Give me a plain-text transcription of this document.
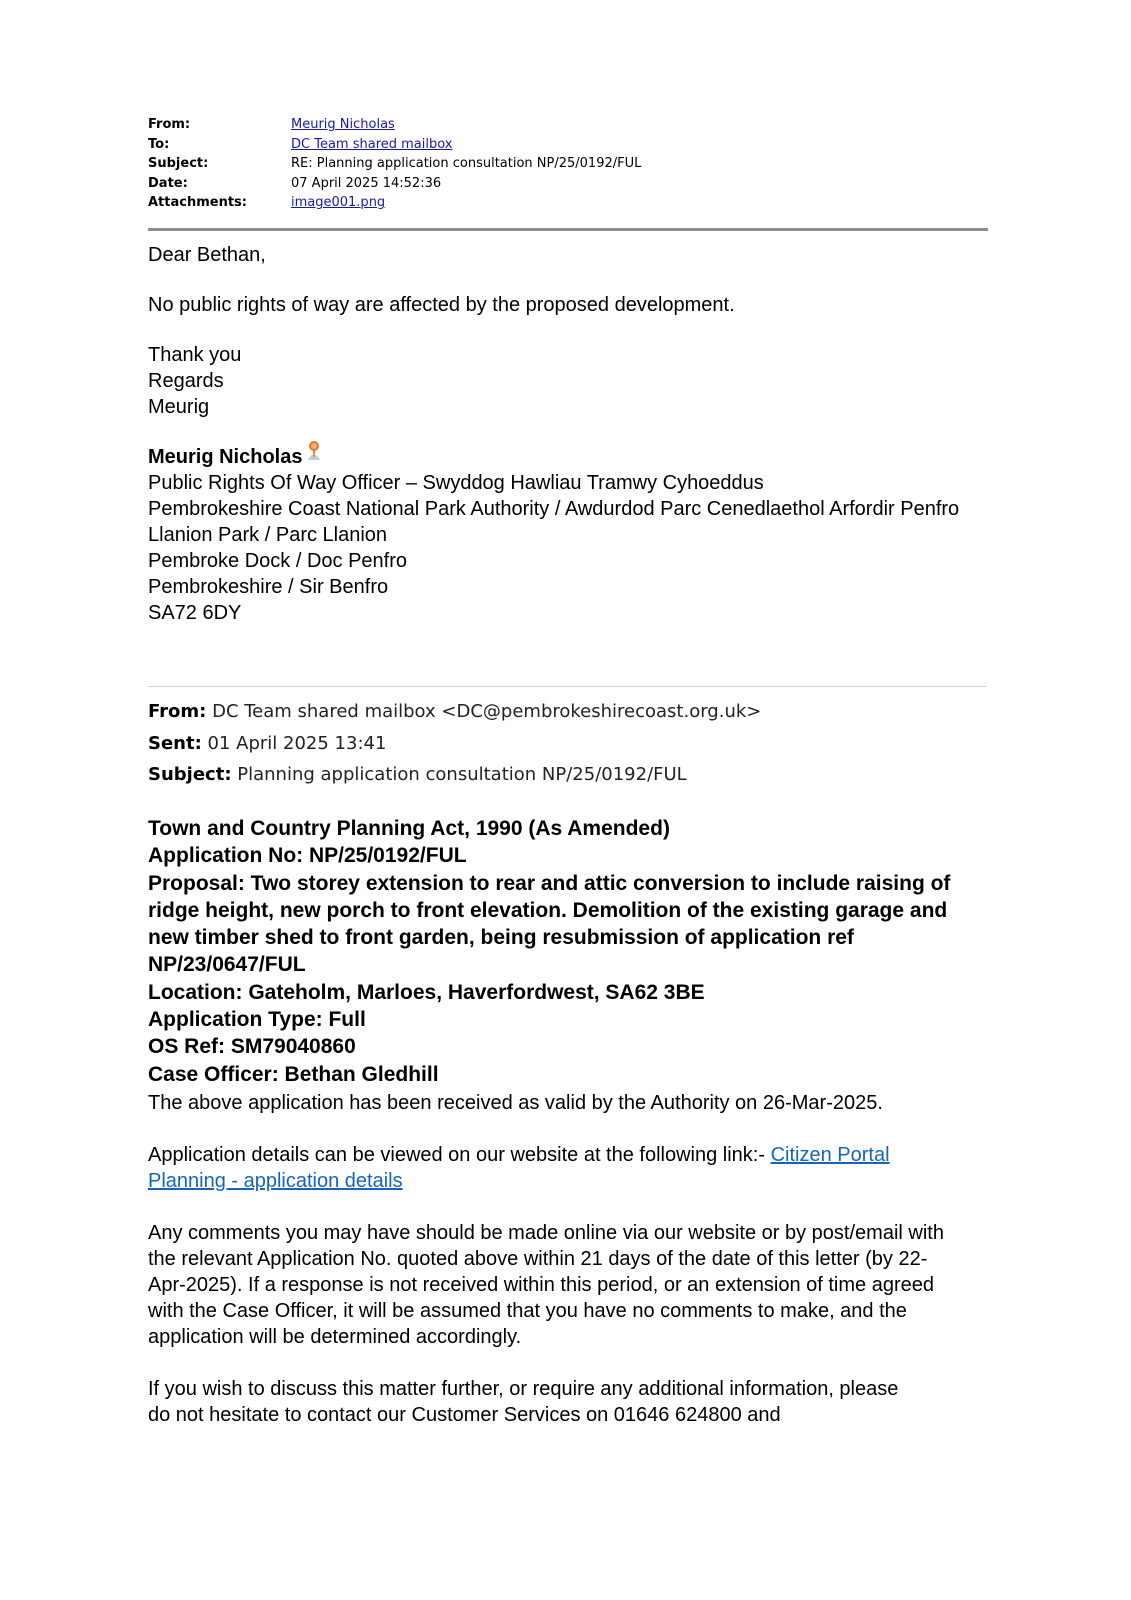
From:	Meurig Nicholas
To:	DC Team shared mailbox
Subject:	RE: Planning application consultation NP/25/0192/FUL
Date:	07 April 2025 14:52:36
Attachments:	image001.png

Dear Bethan,

No public rights of way are affected by the proposed development.

Thank you

Regards

Meurig

Meurig Nicholas

Public Rights Of Way Officer – Swyddog Hawliau Tramwy Cyhoeddus

Pembrokeshire Coast National Park Authority / Awdurdod Parc Cenedlaethol Arfordir Penfro

Llanion Park / Parc Llanion

Pembroke Dock / Doc Penfro

Pembrokeshire / Sir Benfro

SA72 6DY

From: DC Team shared mailbox <DC@pembrokeshirecoast.org.uk>
Sent: 01 April 2025 13:41
Subject: Planning application consultation NP/25/0192/FUL

Town and Country Planning Act, 1990 (As Amended)

Application No: NP/25/0192/FUL

Proposal: Two storey extension to rear and attic conversion to include raising of ridge height, new porch to front elevation. Demolition of the existing garage and new timber shed to front garden, being resubmission of application ref NP/23/0647/FUL

Location: Gateholm, Marloes, Haverfordwest, SA62 3BE

Application Type: Full

OS Ref: SM79040860

Case Officer: Bethan Gledhill

The above application has been received as valid by the Authority on 26-Mar-2025.

Application details can be viewed on our website at the following link:- Citizen Portal Planning - application details

Any comments you may have should be made online via our website or by post/email with the relevant Application No. quoted above within 21 days of the date of this letter (by 22-Apr-2025). If a response is not received within this period, or an extension of time agreed with the Case Officer, it will be assumed that you have no comments to make, and the application will be determined accordingly.

If you wish to discuss this matter further, or require any additional information, please do not hesitate to contact our Customer Services on 01646 624800 and
